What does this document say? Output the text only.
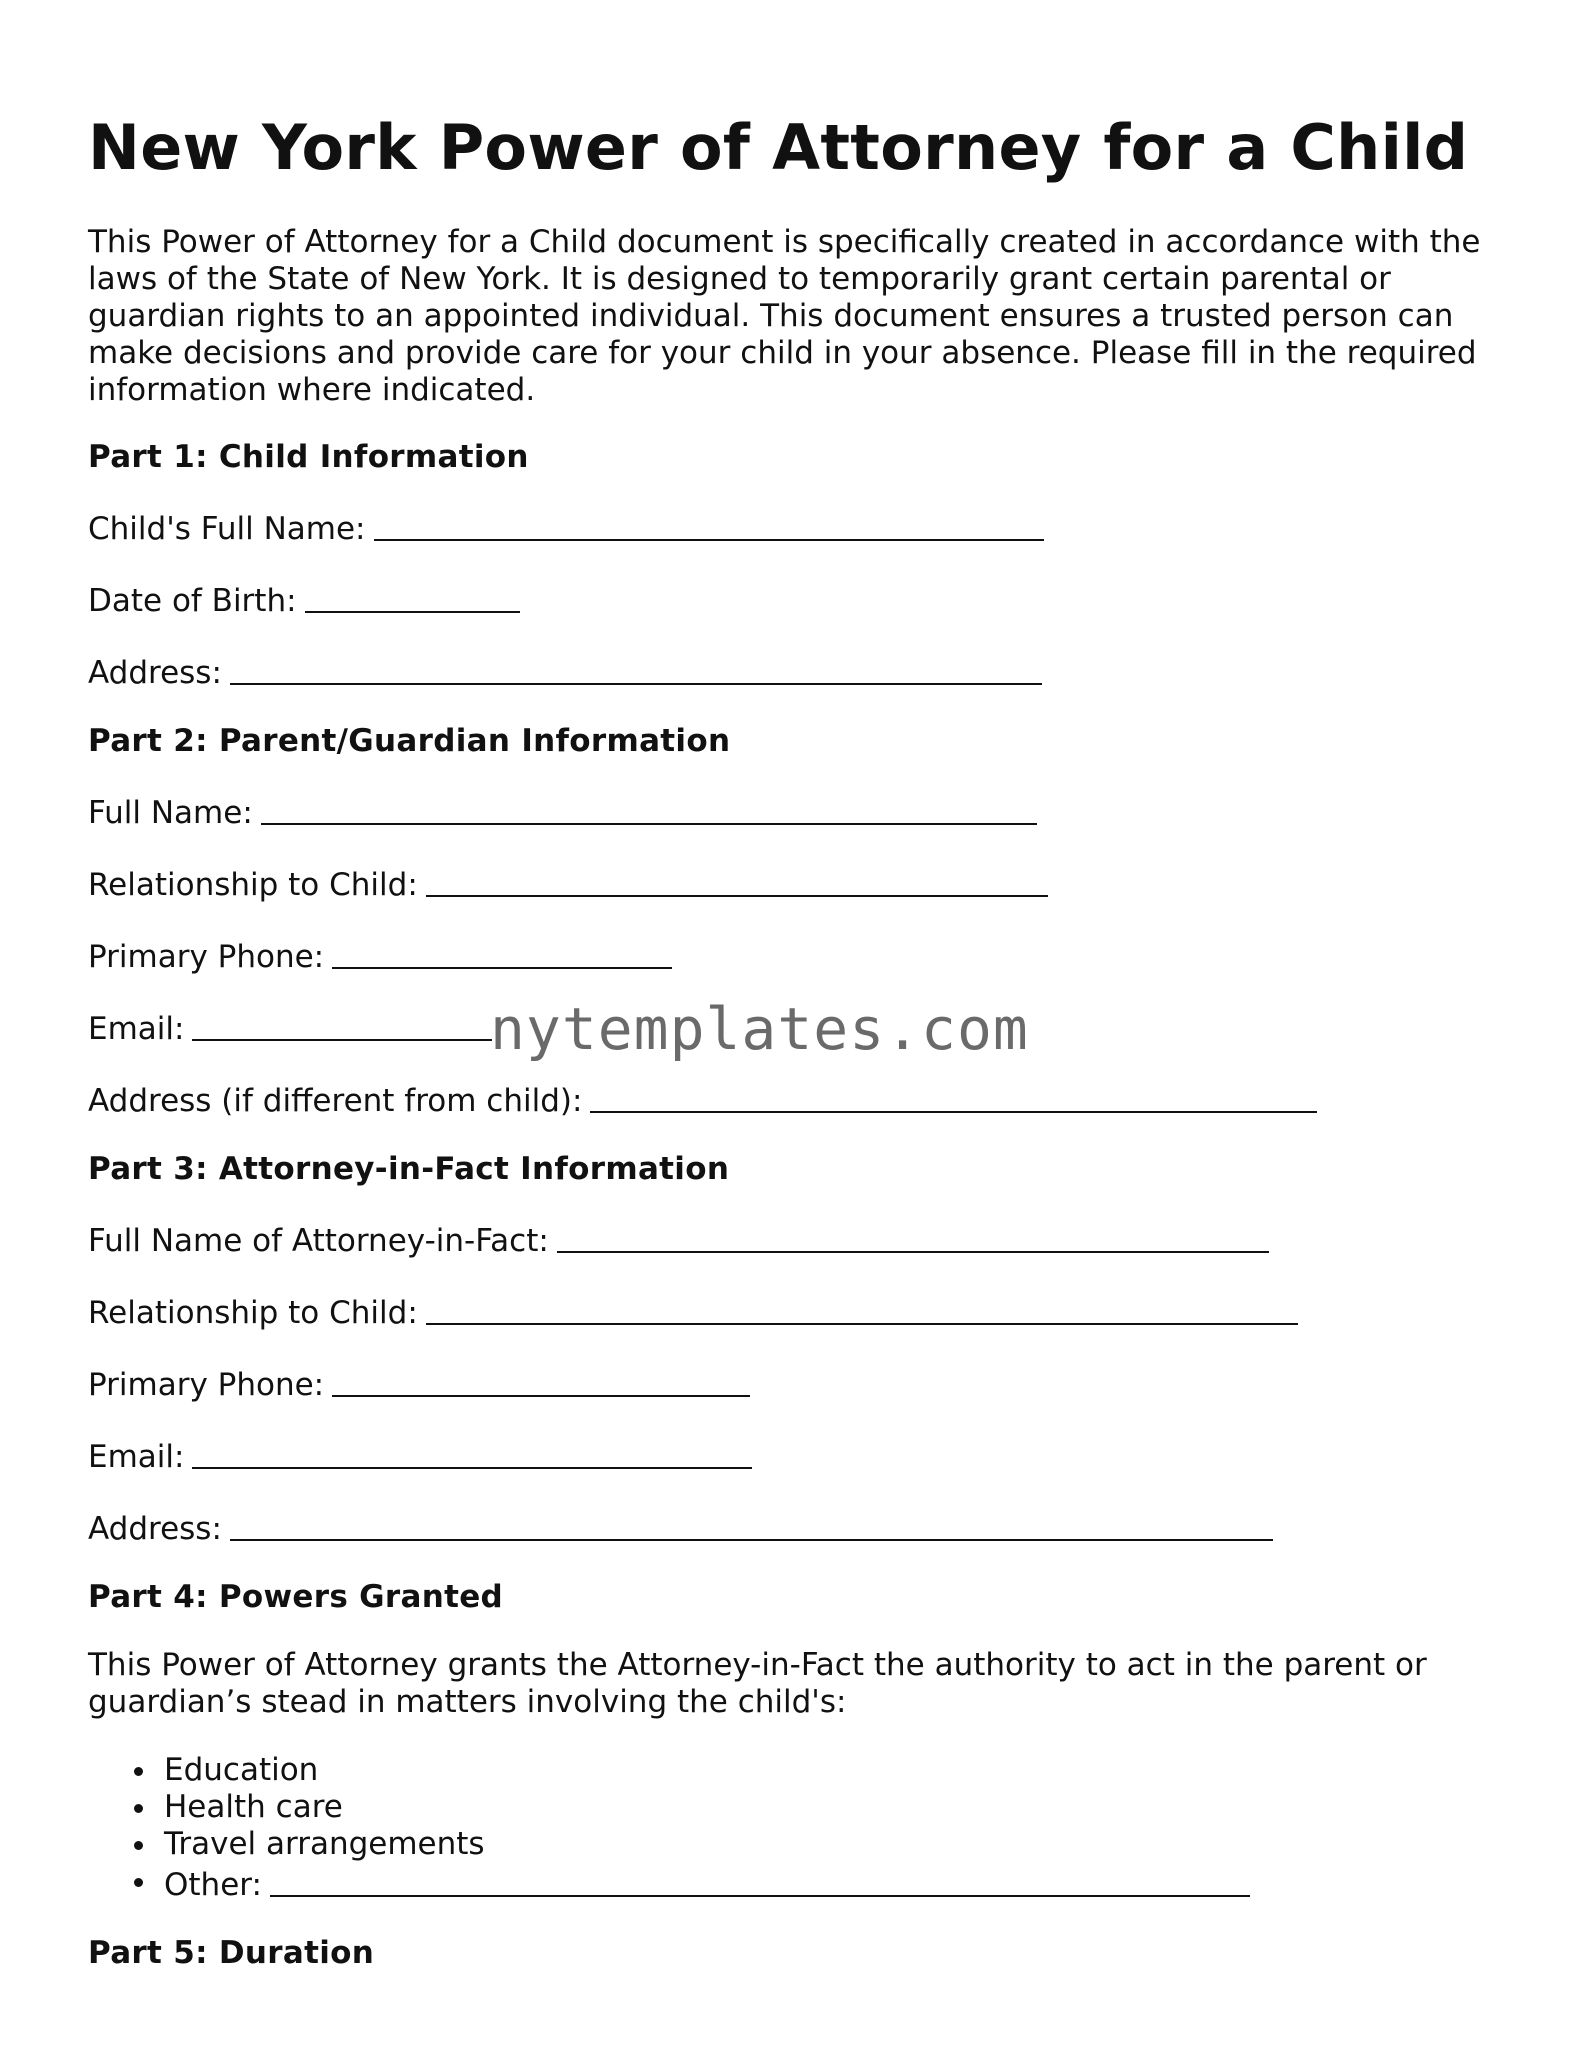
New York Power of Attorney for a Child

This Power of Attorney for a Child document is specifically created in accordance with the laws of the State of New York. It is designed to temporarily grant certain parental or guardian rights to an appointed individual. This document ensures a trusted person can make decisions and provide care for your child in your absence. Please fill in the required information where indicated.

Part 1: Child Information
Child's Full Name:
Date of Birth:
Address:
Part 2: Parent/Guardian Information
Full Name:
Relationship to Child:
Primary Phone:
Email:
Address (if different from child):
Part 3: Attorney-in-Fact Information
Full Name of Attorney-in-Fact:
Relationship to Child:
Primary Phone:
Email:
Address:
Part 4: Powers Granted

This Power of Attorney grants the Attorney-in-Fact the authority to act in the parent or guardian’s stead in matters involving the child's:

Education
Health care
Travel arrangements
Other:
Part 5: Duration
nytemplates.com
